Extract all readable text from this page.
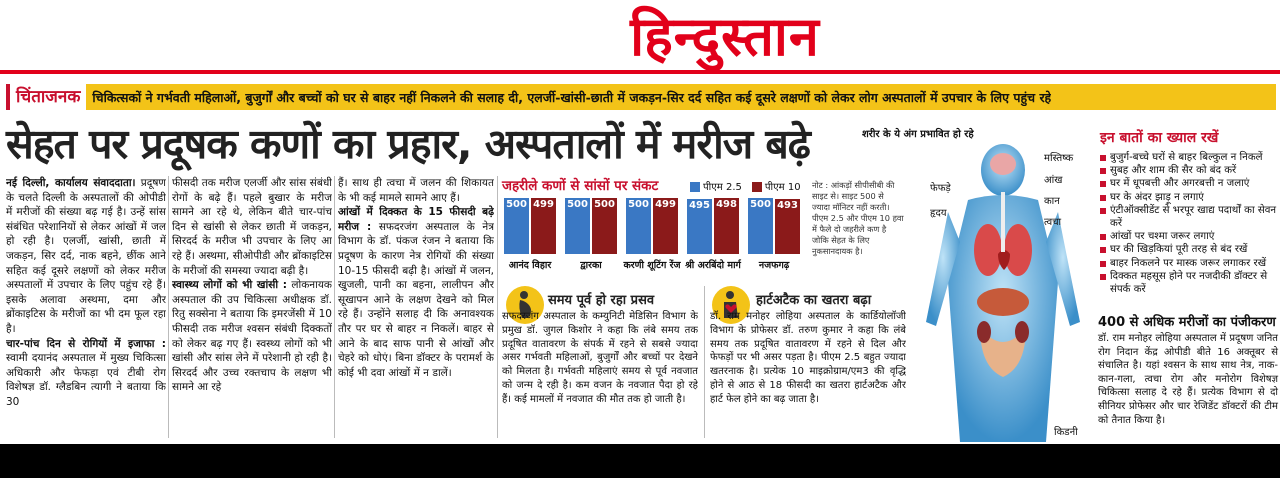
हिन्दुस्तान
चिंताजनक चिकित्सकों ने गर्भवती महिलाओं, बुजुर्गों और बच्चों को घर से बाहर नहीं निकलने की सलाह दी, एलर्जी-खांसी-छाती में जकड़न-सिर दर्द सहित कई दूसरे लक्षणों को लेकर लोग अस्पतालों में उपचार के लिए पहुंच रहे
सेहत पर प्रदूषक कणों का प्रहार, अस्पतालों में मरीज बढ़े
नई दिल्ली, कार्यालय संवाददाता। प्रदूषण के चलते दिल्ली के अस्पतालों की ओपीडी में मरीजों की संख्या बढ़ गई है। उन्हें सांस संबंधित परेशानियों से लेकर आंखों में जल हो रही है। एलर्जी, खांसी, छाती में जकड़न, सिर दर्द, नाक बहने, छींक आने सहित कई दूसरे लक्षणों को लेकर मरीज अस्पतालों में उपचार के लिए पहुंच रहे हैं। इसके अलावा अस्थमा, दमा और ब्रोंकाइटिस के मरीजों का भी दम फूल रहा है।
चार-पांच दिन से रोगियों में इजाफा : स्वामी दयानंद अस्पताल में मुख्य चिकित्सा अधिकारी और फेफड़ा एवं टीबी रोग विशेषज्ञ डॉ. ग्लैडबिन त्यागी ने बताया कि 30
फीसदी तक मरीज एलर्जी और सांस संबंधी रोगों के बढ़े हैं। पहले बुखार के मरीज सामने आ रहे थे, लेकिन बीते चार-पांच दिन से खांसी से लेकर छाती में जकड़न, सिरदर्द के मरीज भी उपचार के लिए आ रहे हैं। अस्थमा, सीओपीडी और ब्रोंकाइटिस के मरीजों की समस्या ज्यादा बढ़ी है।
स्वास्थ्य लोगों को भी खांसी : लोकनायक अस्पताल की उप चिकित्सा अधीक्षक डॉ. रितु सक्सेना ने बताया कि इमरजेंसी में 10 फीसदी तक मरीज श्वसन संबंधी दिक्कतों को लेकर बढ़ गए हैं। स्वस्थ्य लोगों को भी खांसी और सांस लेने में परेशानी हो रही है। सिरदर्द और उच्च रक्तचाप के लक्षण भी सामने आ रहे
हैं। साथ ही त्वचा में जलन की शिकायत के भी कई मामले सामने आए हैं।
आंखों में दिक्कत के 15 फीसदी बढ़े मरीज : सफदरजंग अस्पताल के नेत्र विभाग के डॉ. पंकज रंजन ने बताया कि प्रदूषण के कारण नेत्र रोगियों की संख्या 10-15 फीसदी बढ़ी है। आंखों में जलन, खुजली, पानी का बहना, लालीपन और सूखापन आने के लक्षण देखने को मिल रहे हैं। उन्होंने सलाह दी कि अनावश्यक तौर पर घर से बाहर न निकलें। बाहर से आने के बाद साफ पानी से आंखों और चेहरे को धोएं। बिना डॉक्टर के परामर्श के कोई भी दवा आंखों में न डालें।
जहरीले कणों से सांसों पर संकट	पीएम 2.5	पीएम 10
500 499 500 500 500 499 495 498 500 493
नोट : आंकड़ों सीपीसीबी की साइट से। साइट 500 से ज्यादा मॉनिटर नहीं करती। पीएम 2.5 और पीएम 10 हवा में फैले दो जहरीले कण है जोकि सेहत के लिए नुकसानदायक है।
समय पूर्व हो रहा प्रसव
सफदरजंग अस्पताल के कम्युनिटी मेडिसिन विभाग के प्रमुख डॉ. जुगल किशोर ने कहा कि लंबे समय तक प्रदूषित वातावरण के संपर्क में रहने से सबसे ज्यादा असर गर्भवती महिलाओं, बुजुर्गों और बच्चों पर देखने को मिलता है। गर्भवती महिलाएं समय से पूर्व नवजात को जन्म दे रही है। कम वजन के नवजात पैदा हो रहे हैं। कई मामलों में नवजात की मौत तक हो जाती है।
हार्टअटैक का खतरा बढ़ा
डॉ. राम मनोहर लोहिया अस्पताल के कार्डियोलॉजी विभाग के प्रोफेसर डॉ. तरुण कुमार ने कहा कि लंबे समय तक प्रदूषित वातावरण में रहने से दिल और फेफड़ों पर भी असर पड़ता है। पीएम 2.5 बहुत ज्यादा खतरनाक है। प्रत्येक 10 माइक्रोग्राम/एम3 की वृद्धि होने से आठ से 18 फीसदी का खतरा हार्टअटैक और हार्ट फेल होने का बढ़ जाता है।
शरीर के ये अंग प्रभावित हो रहे
मस्तिष्क
आंख
कान
त्वचा
फेफड़े
हृदय
किडनी
इन बातों का ख्याल रखें
बुजुर्ग-बच्चे घरों से बाहर बिल्कुल न निकलें
सुबह और शाम की सैर को बंद करें
घर में धूपबत्ती और अगरबत्ती न जलाएं
घर के अंदर झाड़ू न लगाएं
एंटीऑक्सीडेंट से भरपूर खाद्य पदार्थों का सेवन करें
आंखों पर चश्मा जरूर लगाएं
घर की खिड़कियां पूरी तरह से बंद रखें
बाहर निकलने पर मास्क जरूर लगाकर रखें
दिक्कत महसूस होने पर नजदीकी डॉक्टर से संपर्क करें
400 से अधिक मरीजों का पंजीकरण

डॉ. राम मनोहर लोहिया अस्पताल में प्रदूषण जनित रोग निदान केंद्र ओपीडी बीते 16 अक्तूबर से संचालित है। यहां श्वसन के साथ साथ नेत्र, नाक-कान-गला, त्वचा रोग और मनोरोग विशेषज्ञ चिकित्सा सलाह दे रहे हैं। प्रत्येक विभाग से दो सीनियर प्रोफेसर और चार रेजिडेंट डॉक्टरों की टीम को तैनात किया है।

आनंद विहार	द्वारका	करणी शूटिंग रेंज श्री अरबिंदो मार्ग	नजफगढ़
